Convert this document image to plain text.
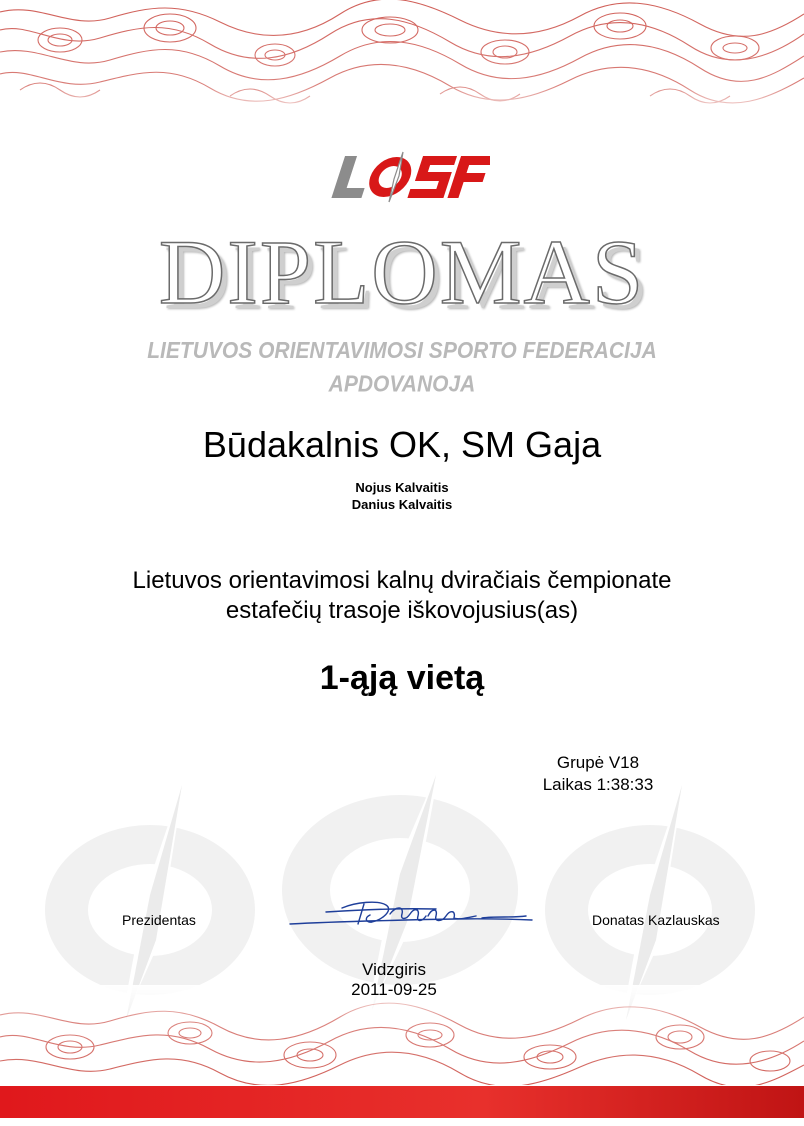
DIPLOMAS
LIETUVOS ORIENTAVIMOSI SPORTO FEDERACIJA
APDOVANOJA
Būdakalnis OK, SM Gaja
Nojus Kalvaitis
Danius Kalvaitis
Lietuvos orientavimosi kalnų dviračiais čempionate
estafečių trasoje iškovojusius(as)
1-ąją vietą
Grupė V18
Laikas 1:38:33
Prezidentas	Donatas Kazlauskas
Vidzgiris
2011-09-25
